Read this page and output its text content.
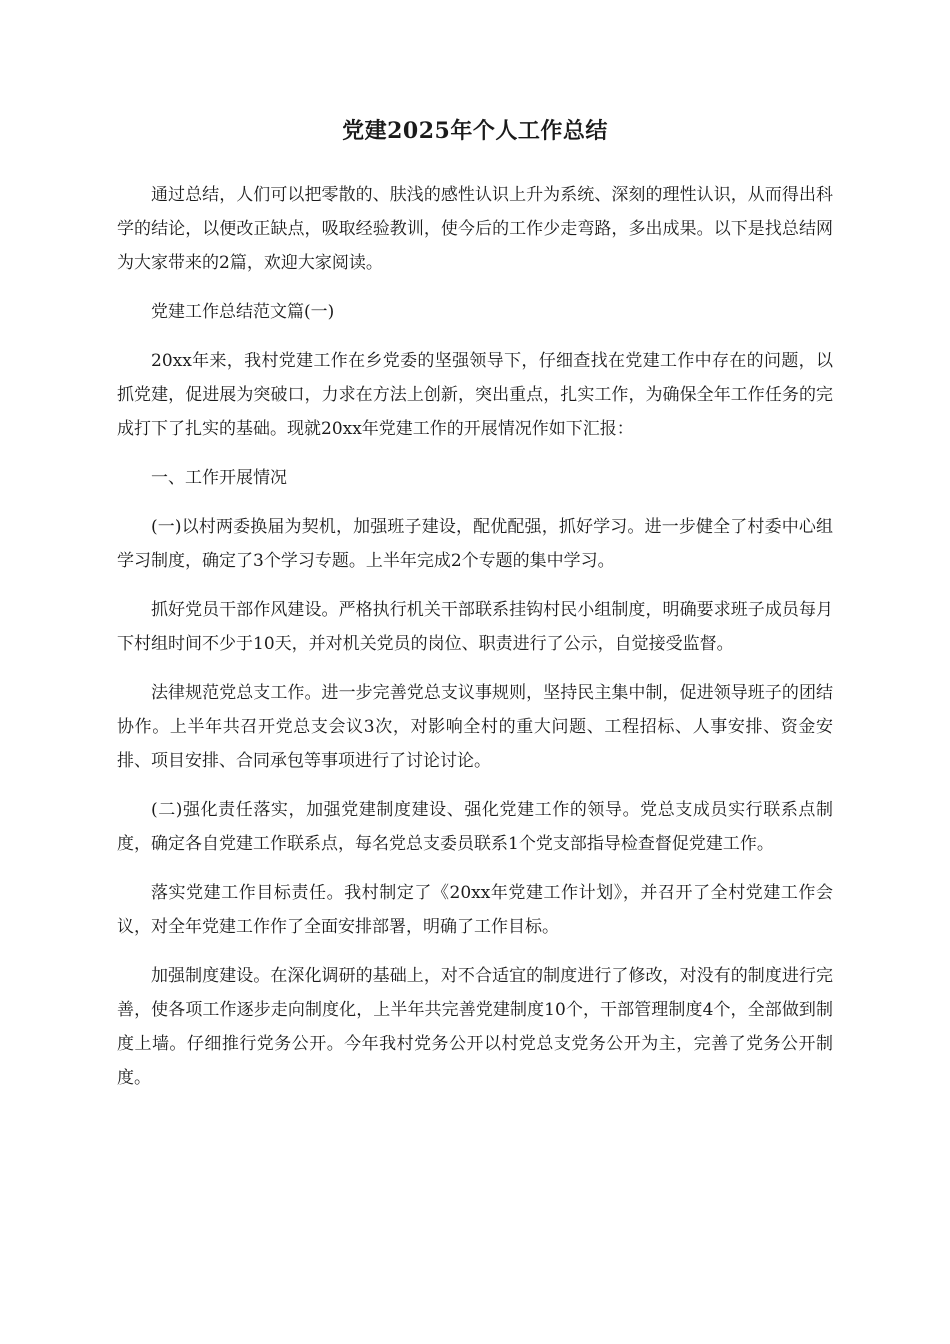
党建2025年个人工作总结

通过总结，人们可以把零散的、肤浅的感性认识上升为系统、深刻的理性认识，从而得出科学的结论，以便改正缺点，吸取经验教训，使今后的工作少走弯路，多出成果。以下是找总结网为大家带来的2篇，欢迎大家阅读。

党建工作总结范文篇(一)

20xx年来，我村党建工作在乡党委的坚强领导下，仔细查找在党建工作中存在的问题，以抓党建，促进展为突破口，力求在方法上创新，突出重点，扎实工作，为确保全年工作任务的完成打下了扎实的基础。现就20xx年党建工作的开展情况作如下汇报：

一、工作开展情况

(一)以村两委换届为契机，加强班子建设，配优配强，抓好学习。进一步健全了村委中心组学习制度，确定了3个学习专题。上半年完成2个专题的集中学习。

抓好党员干部作风建设。严格执行机关干部联系挂钩村民小组制度，明确要求班子成员每月下村组时间不少于10天，并对机关党员的岗位、职责进行了公示，自觉接受监督。

法律规范党总支工作。进一步完善党总支议事规则，坚持民主集中制，促进领导班子的团结协作。上半年共召开党总支会议3次，对影响全村的重大问题、工程招标、人事安排、资金安排、项目安排、合同承包等事项进行了讨论讨论。

(二)强化责任落实，加强党建制度建设、强化党建工作的领导。党总支成员实行联系点制度，确定各自党建工作联系点，每名党总支委员联系1个党支部指导检查督促党建工作。

落实党建工作目标责任。我村制定了《20xx年党建工作计划》，并召开了全村党建工作会议，对全年党建工作作了全面安排部署，明确了工作目标。

加强制度建设。在深化调研的基础上，对不合适宜的制度进行了修改，对没有的制度进行完善，使各项工作逐步走向制度化，上半年共完善党建制度10个，干部管理制度4个，全部做到制度上墙。仔细推行党务公开。今年我村党务公开以村党总支党务公开为主，完善了党务公开制度。
